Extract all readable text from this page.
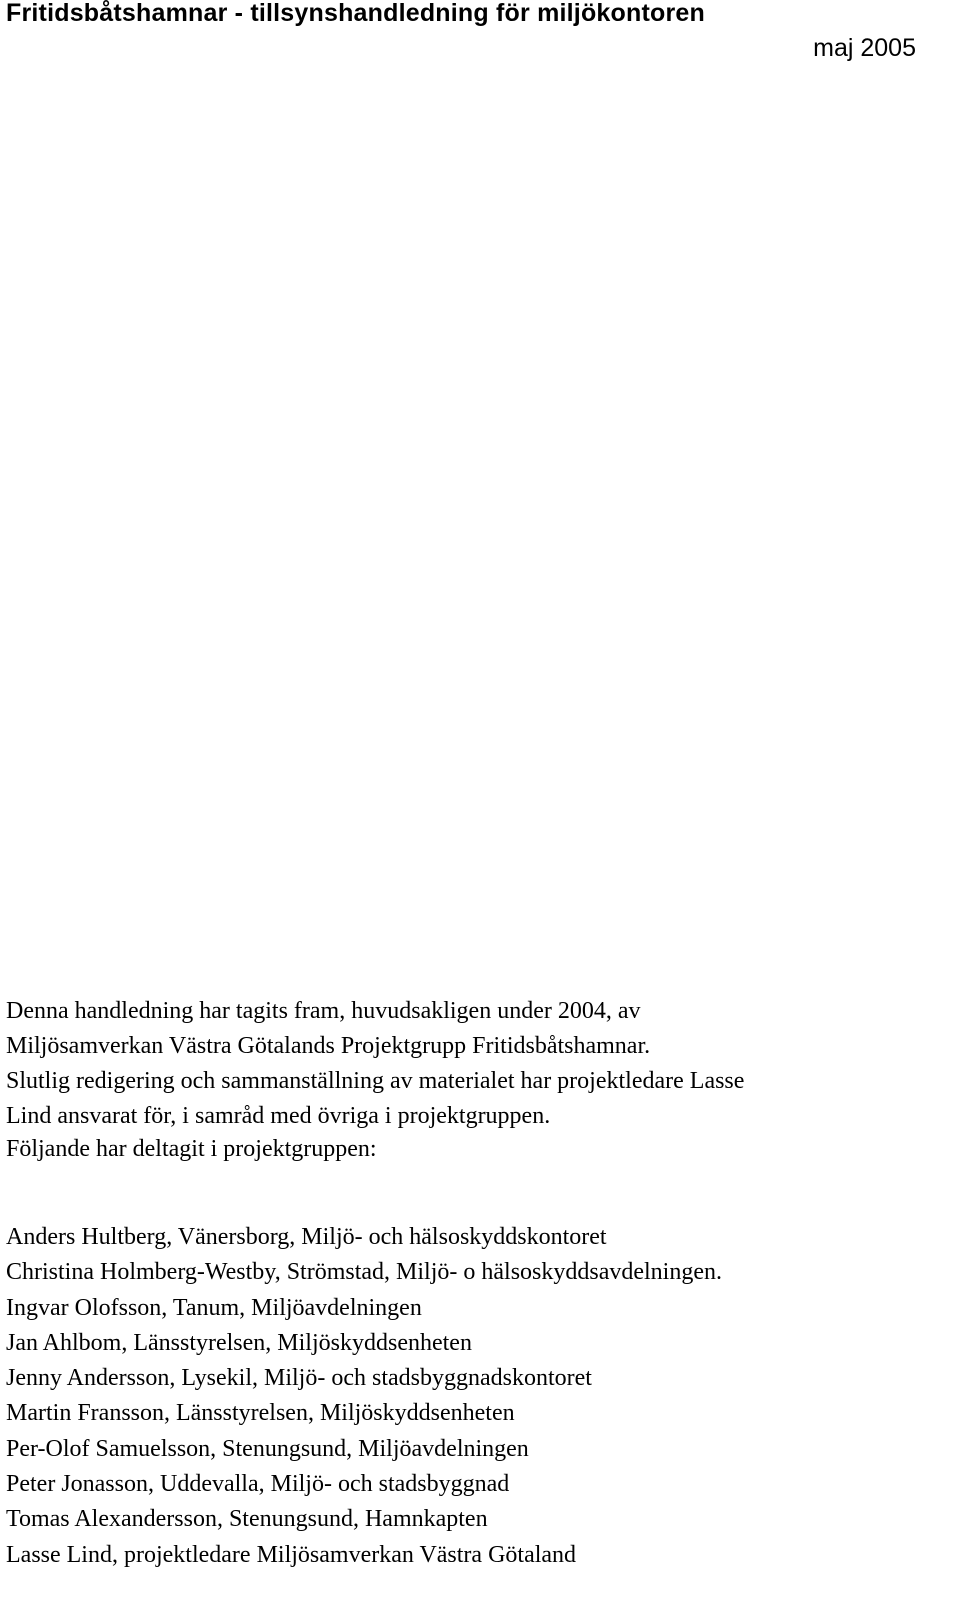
Fritidsbåtshamnar - tillsynshandledning för miljökontoren
maj 2005
Denna handledning har tagits fram, huvudsakligen under 2004, av
Miljösamverkan Västra Götalands Projektgrupp Fritidsbåtshamnar.
Slutlig redigering och sammanställning av materialet har projektledare Lasse
Lind ansvarat för, i samråd med övriga i projektgruppen.
Följande har deltagit i projektgruppen:
Anders Hultberg, Vänersborg, Miljö- och hälsoskyddskontoret
Christina Holmberg-Westby, Strömstad, Miljö- o hälsoskyddsavdelningen.
Ingvar Olofsson, Tanum, Miljöavdelningen
Jan Ahlbom, Länsstyrelsen, Miljöskyddsenheten
Jenny Andersson, Lysekil, Miljö- och stadsbyggnadskontoret
Martin Fransson, Länsstyrelsen, Miljöskyddsenheten
Per-Olof Samuelsson, Stenungsund, Miljöavdelningen
Peter Jonasson, Uddevalla, Miljö- och stadsbyggnad
Tomas Alexandersson, Stenungsund, Hamnkapten
Lasse Lind, projektledare Miljösamverkan Västra Götaland
